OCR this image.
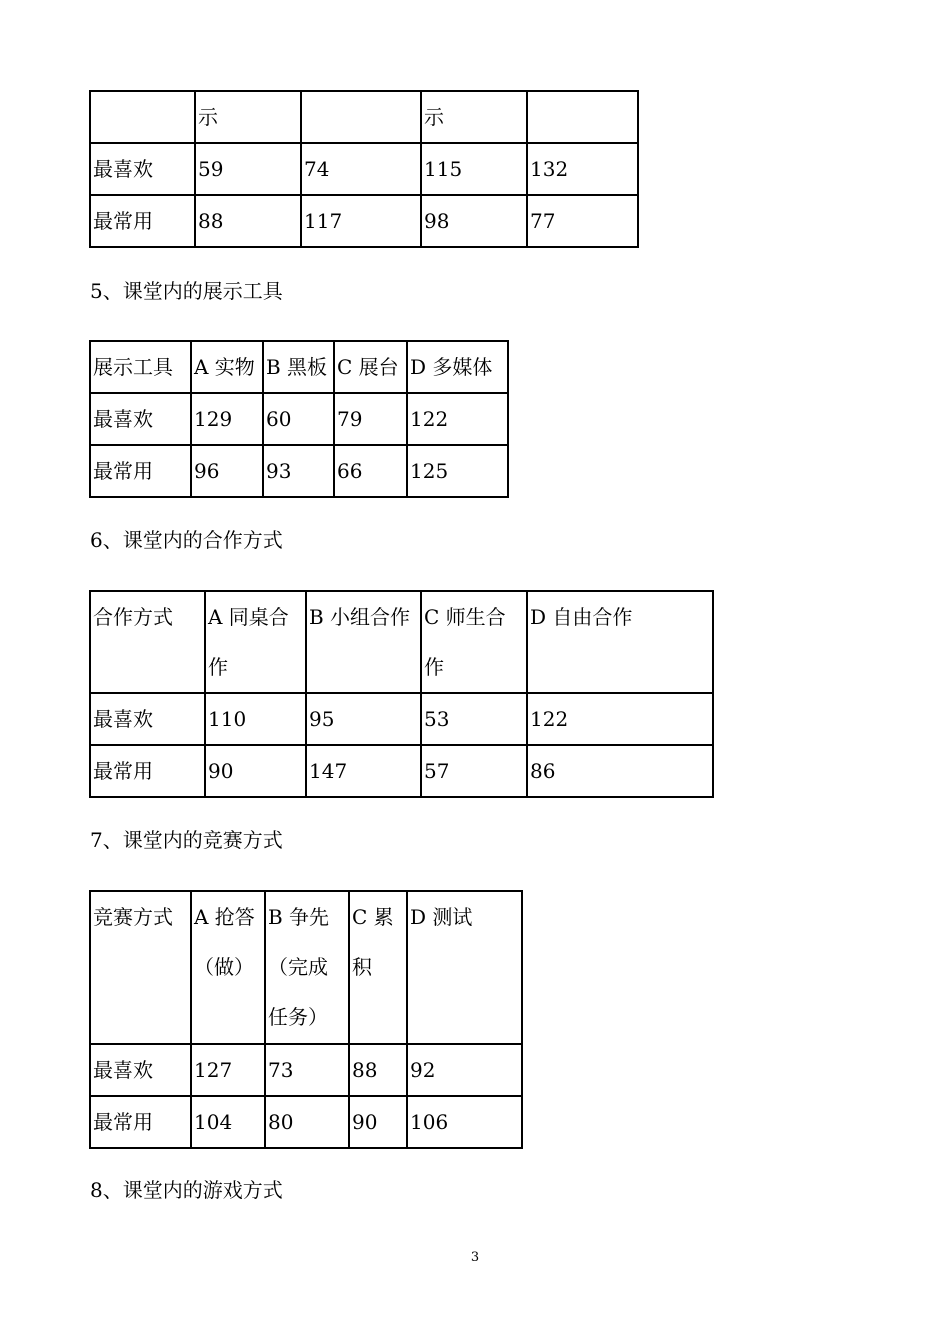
	示		示	
最喜欢	59	74	115	132
最常用	88	117	98	77
5、课堂内的展示工具
展示工具	A 实物	B 黑板	C 展台	D 多媒体
最喜欢	129	60	79	122
最常用	96	93	66	125
6、课堂内的合作方式
合作方式	A 同桌合作	B 小组合作	C 师生合作	D 自由合作
最喜欢	110	95	53	122
最常用	90	147	57	86
7、课堂内的竞赛方式
竞赛方式	A 抢答（做）	B 争先（完成任务）	C 累积	D 测试
最喜欢	127	73	88	92
最常用	104	80	90	106
8、课堂内的游戏方式
3
